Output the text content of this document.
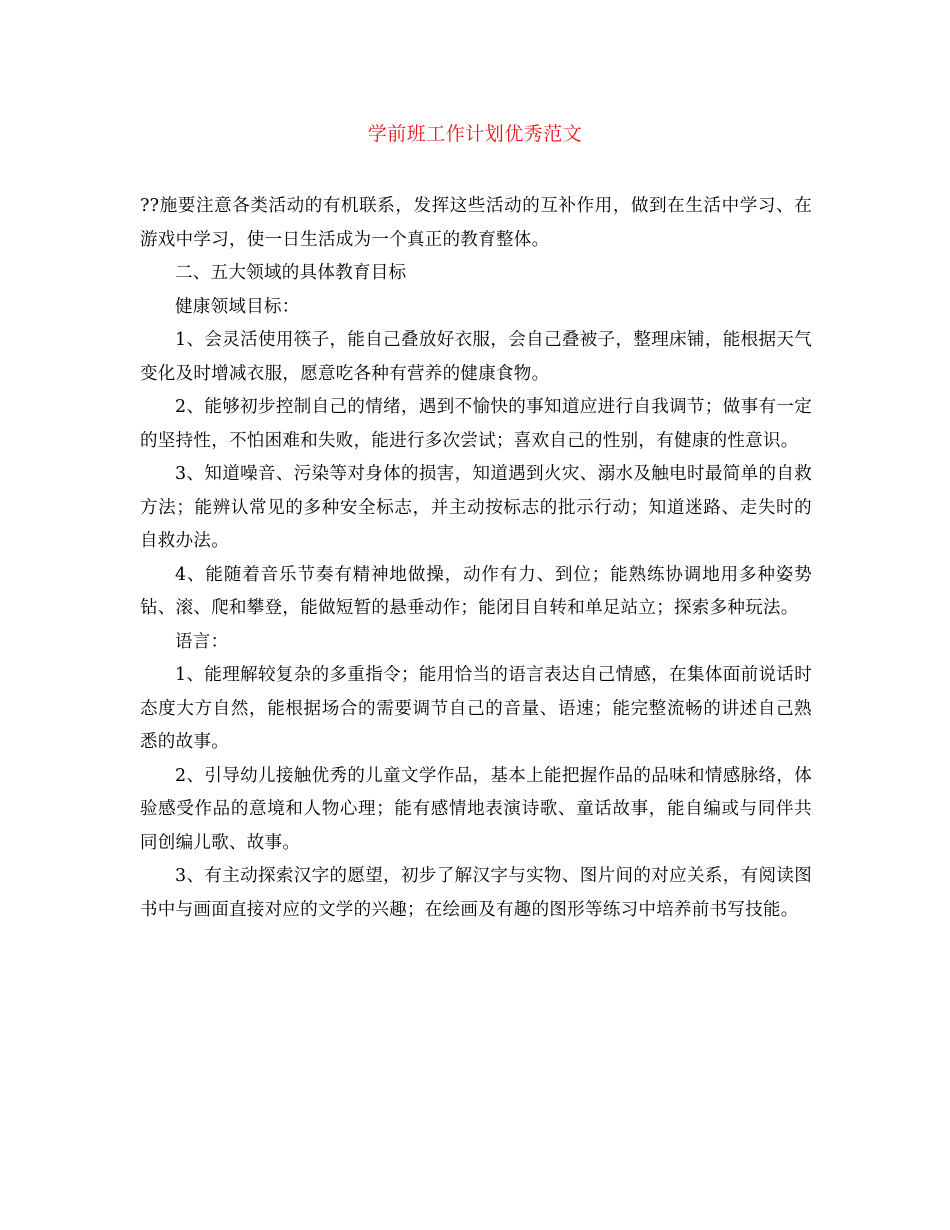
学前班工作计划优秀范文

??施要注意各类活动的有机联系，发挥这些活动的互补作用，做到在生活中学习、在游戏中学习，使一日生活成为一个真正的教育整体。

二、五大领域的具体教育目标

健康领域目标：

1、会灵活使用筷子，能自己叠放好衣服，会自己叠被子，整理床铺，能根据天气变化及时增减衣服，愿意吃各种有营养的健康食物。

2、能够初步控制自己的情绪，遇到不愉快的事知道应进行自我调节；做事有一定的坚持性，不怕困难和失败，能进行多次尝试；喜欢自己的性别，有健康的性意识。

3、知道噪音、污染等对身体的损害，知道遇到火灾、溺水及触电时最简单的自救方法；能辨认常见的多种安全标志，并主动按标志的批示行动；知道迷路、走失时的自救办法。

4、能随着音乐节奏有精神地做操，动作有力、到位；能熟练协调地用多种姿势钻、滚、爬和攀登，能做短暂的悬垂动作；能闭目自转和单足站立；探索多种玩法。

语言：

1、能理解较复杂的多重指令；能用恰当的语言表达自己情感，在集体面前说话时态度大方自然，能根据场合的需要调节自己的音量、语速；能完整流畅的讲述自己熟悉的故事。

2、引导幼儿接触优秀的儿童文学作品，基本上能把握作品的品味和情感脉络，体验感受作品的意境和人物心理；能有感情地表演诗歌、童话故事，能自编或与同伴共同创编儿歌、故事。

3、有主动探索汉字的愿望，初步了解汉字与实物、图片间的对应关系，有阅读图书中与画面直接对应的文学的兴趣；在绘画及有趣的图形等练习中培养前书写技能。
